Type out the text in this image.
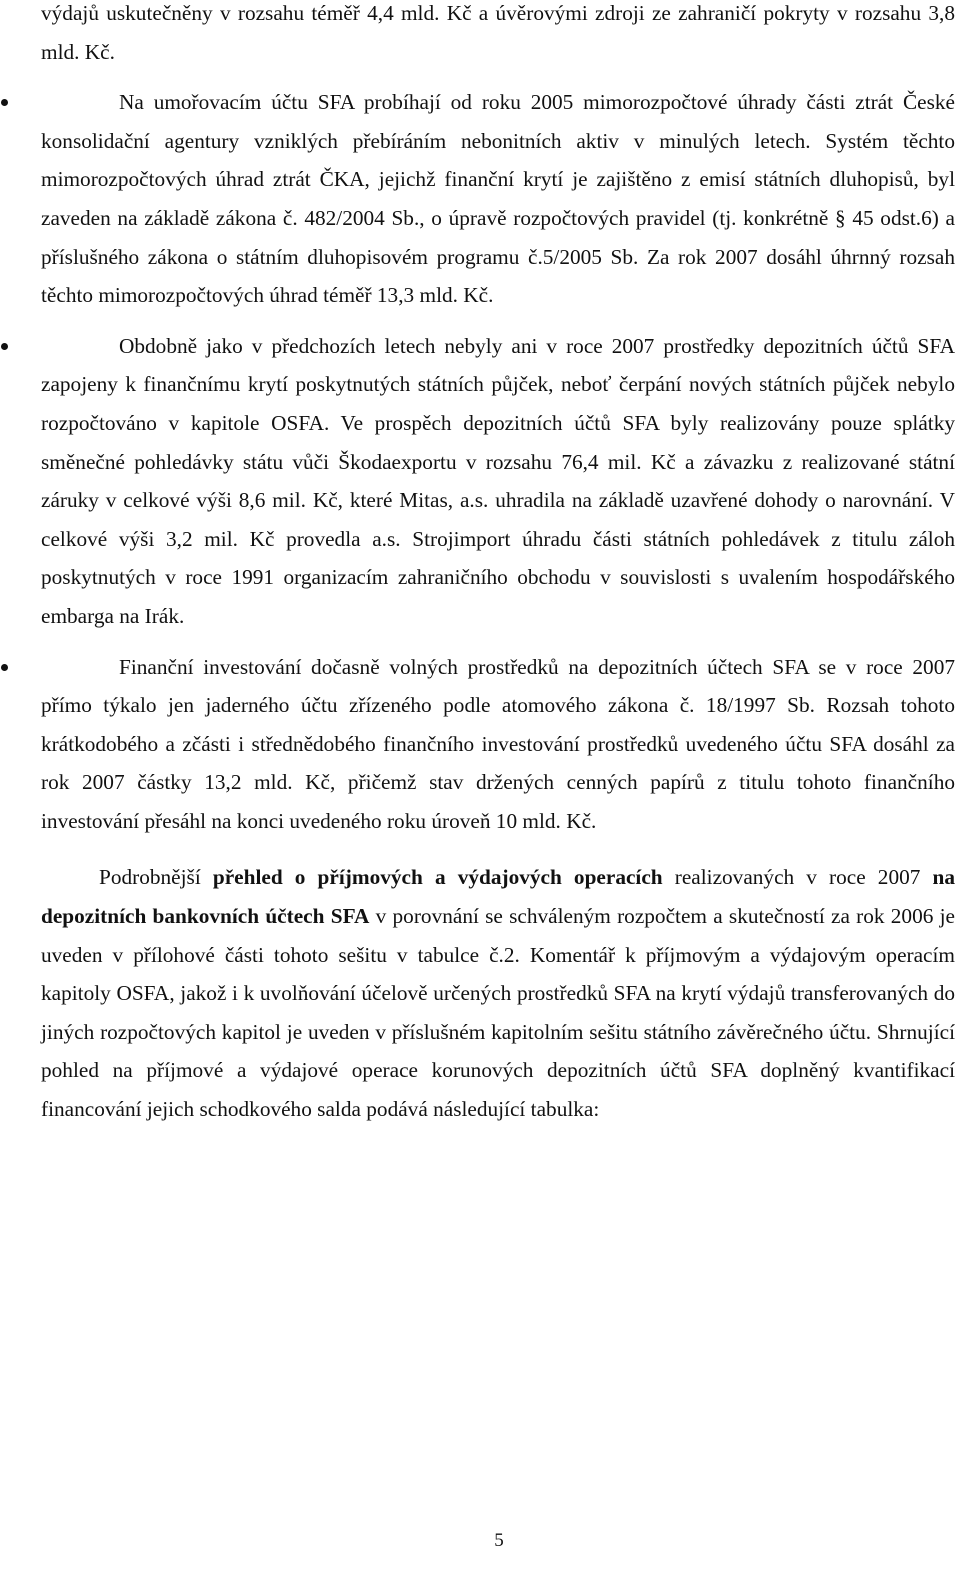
výdajů uskutečněny v rozsahu téměř 4,4 mld. Kč a úvěrovými zdroji ze zahraničí pokryty v rozsahu 3,8 mld. Kč.

Na umořovacím účtu SFA probíhají od roku 2005 mimorozpočtové úhrady části ztrát České konsolidační agentury vzniklých přebíráním nebonitních aktiv v minulých letech. Systém těchto mimorozpočtových úhrad ztrát ČKA, jejichž finanční krytí je zajištěno z emisí státních dluhopisů, byl zaveden na základě zákona č. 482/2004 Sb., o úpravě rozpočtových pravidel (tj. konkrétně § 45 odst.6) a příslušného zákona o státním dluhopisovém programu č.5/2005 Sb. Za rok 2007 dosáhl úhrnný rozsah těchto mimorozpočtových úhrad téměř 13,3 mld. Kč.

Obdobně jako v předchozích letech nebyly ani v roce 2007 prostředky depozitních účtů SFA zapojeny k finančnímu krytí poskytnutých státních půjček, neboť čerpání nových státních půjček nebylo rozpočtováno v kapitole OSFA. Ve prospěch depozitních účtů SFA byly realizovány pouze splátky směnečné pohledávky státu vůči Škodaexportu v rozsahu 76,4 mil. Kč a závazku z realizované státní záruky v celkové výši 8,6 mil. Kč, které Mitas, a.s. uhradila na základě uzavřené dohody o narovnání. V celkové výši 3,2 mil. Kč provedla a.s. Strojimport úhradu části státních pohledávek z titulu záloh poskytnutých v roce 1991 organizacím zahraničního obchodu v souvislosti s uvalením hospodářského embarga na Irák.

Finanční investování dočasně volných prostředků na depozitních účtech SFA se v roce 2007 přímo týkalo jen jaderného účtu zřízeného podle atomového zákona č. 18/1997 Sb. Rozsah tohoto krátkodobého a zčásti i střednědobého finančního investování prostředků uvedeného účtu SFA dosáhl za rok 2007 částky 13,2 mld. Kč, přičemž stav držených cenných papírů z titulu tohoto finančního investování přesáhl na konci uvedeného roku úroveň 10 mld. Kč.

Podrobnější přehled o příjmových a výdajových operacích realizovaných v roce 2007 na depozitních bankovních účtech SFA v porovnání se schváleným rozpočtem a skutečností za rok 2006 je uveden v přílohové části tohoto sešitu v tabulce č.2. Komentář k příjmovým a výdajovým operacím kapitoly OSFA, jakož i k uvolňování účelově určených prostředků SFA na krytí výdajů transferovaných do jiných rozpočtových kapitol je uveden v příslušném kapitolním sešitu státního závěrečného účtu. Shrnující pohled na příjmové a výdajové operace korunových depozitních účtů SFA doplněný kvantifikací financování jejich schodkového salda podává následující tabulka:

5
